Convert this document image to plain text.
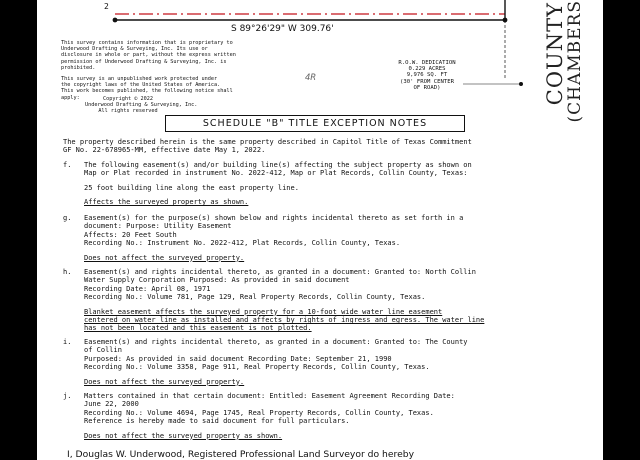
2
S 89°26'29" W 309.76'
4R
This survey contains information that is proprietary to
Underwood Drafting & Surveying, Inc. Its use or
disclosure in whole or part, without the express written
permission of Underwood Drafting & Surveying, Inc. is
prohibited.
This survey is an unpublished work protected under
the copyright laws of the United States of America.
This work becomes published, the following notice shall
apply:	Copyright © 2022
Underwood Drafting & Surveying, Inc.
All rights reserved
R.O.W. DEDICATION
0.229 ACRES
9,976 SQ. FT
(30' FROM CENTER
OF ROAD)	COUNTY
(CHAMBERS
SCHEDULE "B" TITLE EXCEPTION NOTES
The property described herein is the same property described in Capitol Title of Texas Commitment
GF No. 22-678965-MM, effective date May 1, 2022.
f. The following easement(s) and/or building line(s) affecting the subject property as shown on
Map or Plat recorded in instrument No. 2022-412, Map or Plat Records, Collin County, Texas:
25 foot building line along the east property line.
Affects the surveyed property as shown.
g. Easement(s) for the purpose(s) shown below and rights incidental thereto as set forth in a
document: Purpose: Utility Easement
Affects: 20 Feet South
Recording No.: Instrument No. 2022-412, Plat Records, Collin County, Texas.
Does not affect the surveyed property.
h. Easement(s) and rights incidental thereto, as granted in a document: Granted to: North Collin
Water Supply Corporation Purposed: As provided in said document
Recording Date: April 08, 1971
Recording No.: Volume 781, Page 129, Real Property Records, Collin County, Texas.
Blanket easement affects the surveyed property for a 10-foot wide water line easement
centered on water line as installed and affects by rights of ingress and egress. The water line
has not been located and this easement is not plotted.
i. Easement(s) and rights incidental thereto, as granted in a document: Granted to: The County
of Collin
Purposed: As provided in said document Recording Date: September 21, 1990
Recording No.: Volume 3358, Page 911, Real Property Records, Collin County, Texas.
Does not affect the surveyed property.
j. Matters contained in that certain document: Entitled: Easement Agreement Recording Date:
June 22, 2000
Recording No.: Volume 4694, Page 1745, Real Property Records, Collin County, Texas.
Reference is hereby made to said document for full particulars.
Does not affect the surveyed property as shown.
I, Douglas W. Underwood, Registered Professional Land Surveyor do hereby
